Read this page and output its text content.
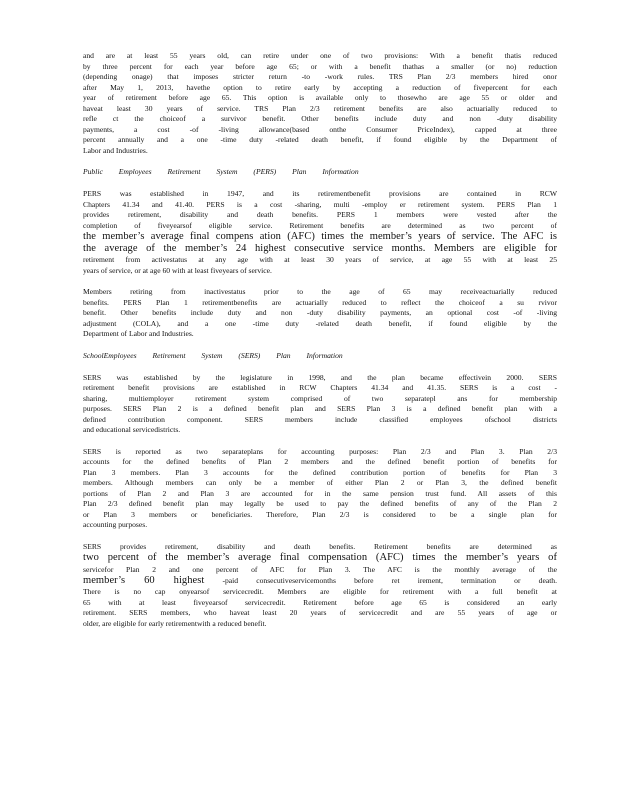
and are at least 55 years old, can retire under one of two provisions: With a benefit thatis reduced
by three percent for each year before age 65; or with a benefit thathas a smaller (or no) reduction
(depending onage) that imposes stricter return -to -work rules. TRS Plan 2/3 members hired onor
after May 1, 2013, havethe option to retire early by accepting a reduction of fivepercent for each
year of retirement before age 65. This option is available only to thosewho are age 55 or older and
haveat least 30 years of service. TRS Plan 2/3 retirement benefits are also actuarially reduced to
refle ct the choiceof a survivor benefit. Other benefits include duty and non -duty disability
payments, a cost -of -living allowance(based onthe Consumer PriceIndex), capped at three
percent annually and a one -time duty -related death benefit, if found eligible by the Department of
Labor and Industries.

Public Employees Retirement System (PERS) Plan Information

PERS was established in 1947, and its retirementbenefit provisions are contained in RCW
Chapters 41.34 and 41.40. PERS is a cost -sharing, multi -employ er retirement system. PERS Plan 1
provides retirement, disability and death benefits. PERS 1 members were vested after the
completion of fiveyearsof eligible service. Retirement benefits are determined as two percent of
the member’s average final compens ation (AFC) times the member’s years of service. The AFC is
the average of the member’s 24 highest consecutive service months. Members are eligible for
retirement from activestatus at any age with at least 30 years of service, at age 55 with at least 25
years of service, or at age 60 with at least fiveyears of service.
Members retiring from inactivestatus prior to the age of 65 may receiveactuarially reduced
benefits. PERS Plan 1 retirementbenefits are actuarially reduced to reflect the choiceof a su rvivor
benefit. Other benefits include duty and non -duty disability payments, an optional cost -of -living
adjustment (COLA), and a one -time duty -related death benefit, if found eligible by the
Department of Labor and Industries.

SchoolEmployees Retirement System (SERS) Plan Information

SERS was established by the legislature in 1998, and the plan became effectivein 2000. SERS
retirement benefit provisions are established in RCW Chapters 41.34 and 41.35. SERS is a cost -
sharing, multiemployer retirement system comprised of two separatepl ans for membership
purposes. SERS Plan 2 is a defined benefit plan and SERS Plan 3 is a defined benefit plan with a
defined contribution component. SERS members include classified employees ofschool districts
and educational servicedistricts.
SERS is reported as two separateplans for accounting purposes: Plan 2/3 and Plan 3. Plan 2/3
accounts for the defined benefits of Plan 2 members and the defined benefit portion of benefits for
Plan 3 members. Plan 3 accounts for the defined contribution portion of benefits for Plan 3
members. Although members can only be a member of either Plan 2 or Plan 3, the defined benefit
portions of Plan 2 and Plan 3 are accounted for in the same pension trust fund. All assets of this
Plan 2/3 defined benefit plan may legally be used to pay the defined benefits of any of the Plan 2
or Plan 3 members or beneficiaries. Therefore, Plan 2/3 is considered to be a single plan for
accounting purposes.
SERS provides retirement, disability and death benefits. Retirement benefits are determined as
two percent of the member’s average final compensation (AFC) times the member’s years of
servicefor Plan 2 and one percent of AFC for Plan 3. The AFC is the monthly average of the
member’s 60 highest -paid consecutiveservicemonths before ret irement, termination or death.
There is no cap onyearsof servicecredit. Members are eligible for retirement with a full benefit at
65 with at least fiveyearsof servicecredit. Retirement before age 65 is considered an early
retirement. SERS members, who haveat least 20 years of servicecredit and are 55 years of age or
older, are eligible for early retirementwith a reduced benefit.
